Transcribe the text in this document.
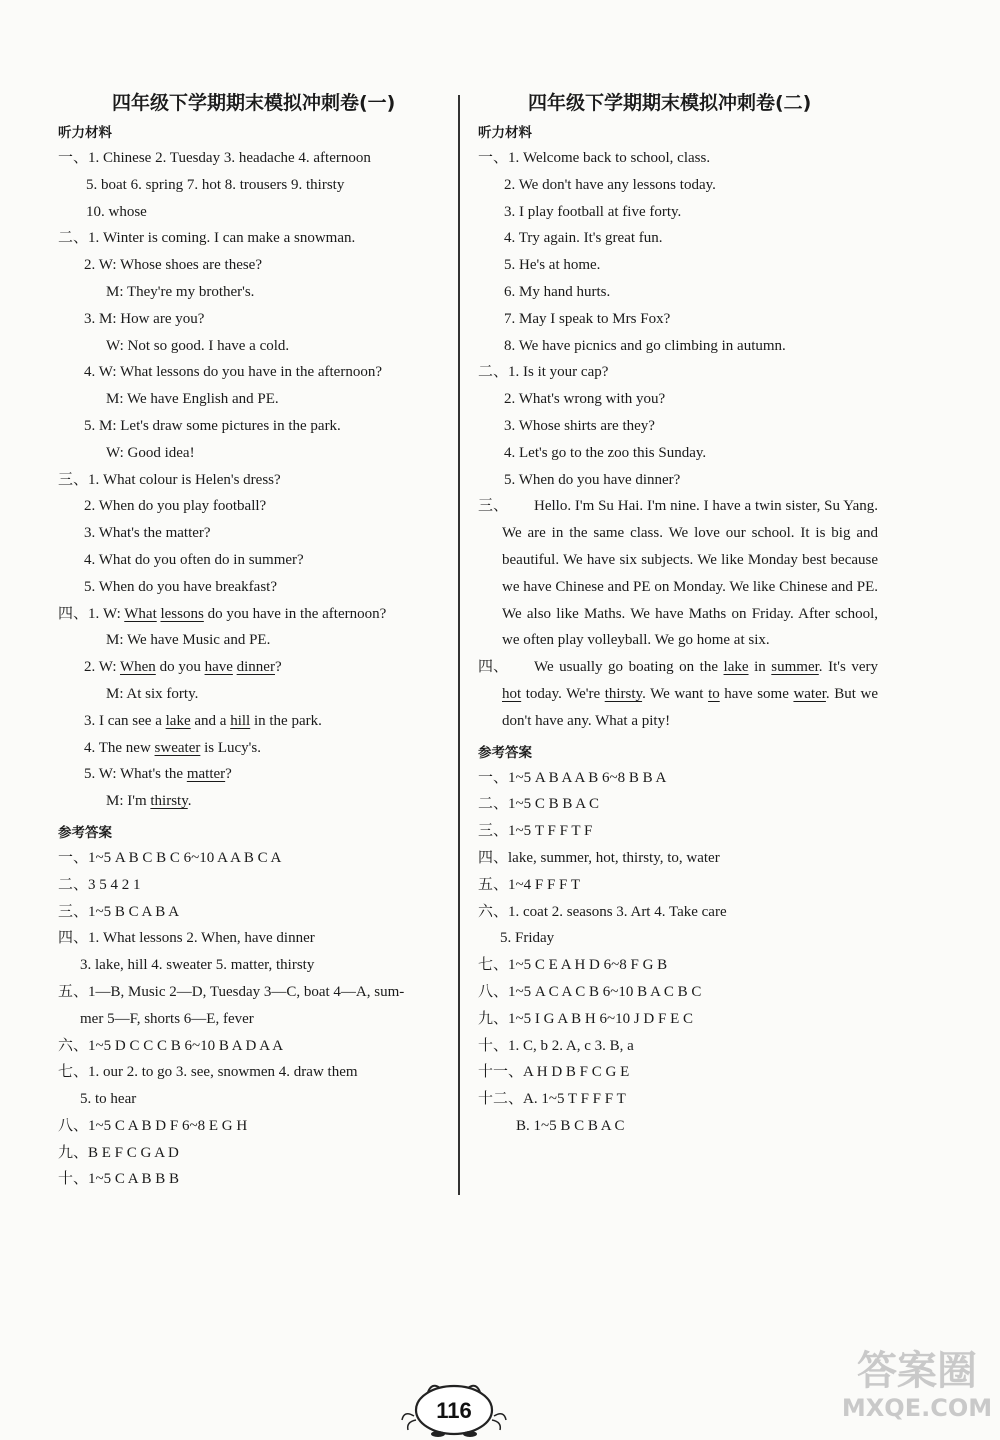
四年级下学期期末模拟冲刺卷(一)
听力材料
一、1. Chinese 2. Tuesday 3. headache 4. afternoon
5. boat 6. spring 7. hot 8. trousers 9. thirsty
10. whose
二、1. Winter is coming. I can make a snowman.
2. W: Whose shoes are these?
M: They're my brother's.
3. M: How are you?
W: Not so good. I have a cold.
4. W: What lessons do you have in the afternoon?
M: We have English and PE.
5. M: Let's draw some pictures in the park.
W: Good idea!
三、1. What colour is Helen's dress?
2. When do you play football?
3. What's the matter?
4. What do you often do in summer?
5. When do you have breakfast?
四、1. W: What lessons do you have in the afternoon?
M: We have Music and PE.
2. W: When do you have dinner?
M: At six forty.
3. I can see a lake and a hill in the park.
4. The new sweater is Lucy's.
5. W: What's the matter?
M: I'm thirsty.
参考答案
一、1~5 A B C B C 6~10 A A B C A
二、3 5 4 2 1
三、1~5 B C A B A
四、1. What lessons 2. When, have dinner
3. lake, hill 4. sweater 5. matter, thirsty
五、1—B, Music 2—D, Tuesday 3—C, boat 4—A, sum-
mer 5—F, shorts 6—E, fever
六、1~5 D C C C B 6~10 B A D A A
七、1. our 2. to go 3. see, snowmen 4. draw them
5. to hear
八、1~5 C A B D F 6~8 E G H
九、B E F C G A D
十、1~5 C A B B B
四年级下学期期末模拟冲刺卷(二)
听力材料
一、1. Welcome back to school, class.
2. We don't have any lessons today.
3. I play football at five forty.
4. Try again. It's great fun.
5. He's at home.
6. My hand hurts.
7. May I speak to Mrs Fox?
8. We have picnics and go climbing in autumn.
二、1. Is it your cap?
2. What's wrong with you?
3. Whose shirts are they?
4. Let's go to the zoo this Sunday.
5. When do you have dinner?
三、	Hello. I'm Su Hai. I'm nine. I have a twin sister, Su Yang. We are in the same class. We love our school. It is big and beautiful. We have six subjects. We like Monday best because we have Chinese and PE on Monday. We like Chinese and PE. We also like Maths. We have Maths on Friday. After school, we often play volleyball. We go home at six.
四、	We usually go boating on the lake in summer. It's very hot today. We're thirsty. We want to have some water. But we don't have any. What a pity!
参考答案
一、1~5 A B A A B 6~8 B B A
二、1~5 C B B A C
三、1~5 T F F T F
四、lake, summer, hot, thirsty, to, water
五、1~4 F F F T
六、1. coat 2. seasons 3. Art 4. Take care
5. Friday
七、1~5 C E A H D 6~8 F G B
八、1~5 A C A C B 6~10 B A C B C
九、1~5 I G A B H 6~10 J D F E C
十、1. C, b 2. A, c 3. B, a
十一、A H D B F C G E
十二、A. 1~5 T F F F T
B. 1~5 B C B A C
116
答案圈
MXQE.COM
